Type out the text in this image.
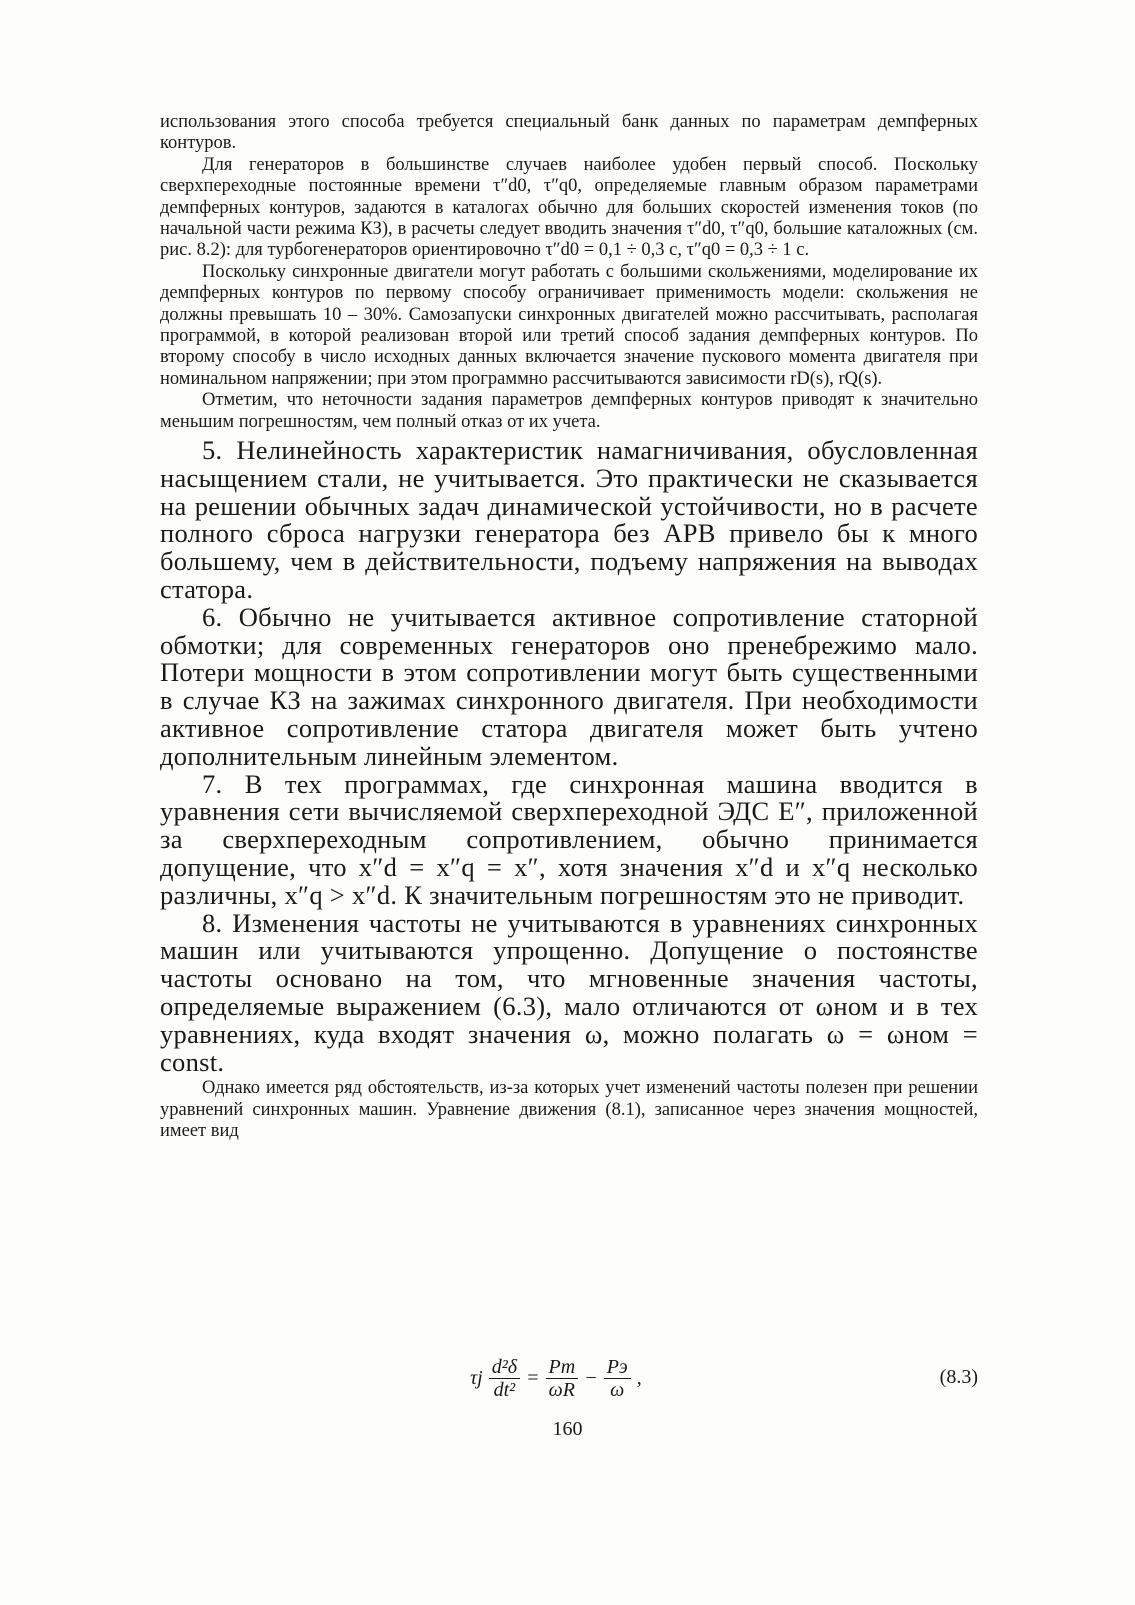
использования этого способа требуется специальный банк данных по параметрам демпферных контуров.

Для генераторов в большинстве случаев наиболее удобен первый способ. Поскольку сверхпереходные постоянные времени τ″d0, τ″q0, определяемые главным образом параметрами демпферных контуров, задаются в каталогах обычно для больших скоростей изменения токов (по начальной части режима КЗ), в расчеты следует вводить значения τ″d0, τ″q0, большие каталожных (см. рис. 8.2): для турбогенераторов ориентировочно τ″d0 = 0,1 ÷ 0,3 с, τ″q0 = 0,3 ÷ 1 с.

Поскольку синхронные двигатели могут работать с большими скольжениями, моделирование их демпферных контуров по первому способу ограничивает применимость модели: скольжения не должны превышать 10 – 30%. Самозапуски синхронных двигателей можно рассчитывать, располагая программой, в которой реализован второй или третий способ задания демпферных контуров. По второму способу в число исходных данных включается значение пускового момента двигателя при номинальном напряжении; при этом программно рассчитываются зависимости rD(s), rQ(s).

Отметим, что неточности задания параметров демпферных контуров приводят к значительно меньшим погрешностям, чем полный отказ от их учета.

5. Нелинейность характеристик намагничивания, обусловленная насыщением стали, не учитывается. Это практически не сказывается на решении обычных задач динамической устойчивости, но в расчете полного сброса нагрузки генератора без АРВ привело бы к много большему, чем в действительности, подъему напряжения на выводах статора.

6. Обычно не учитывается активное сопротивление статорной обмотки; для современных генераторов оно пренебрежимо мало. Потери мощности в этом сопротивлении могут быть существенными в случае КЗ на зажимах синхронного двигателя. При необходимости активное сопротивление статора двигателя может быть учтено дополнительным линейным элементом.

7. В тех программах, где синхронная машина вводится в уравнения сети вычисляемой сверхпереходной ЭДС E″, приложенной за сверхпереходным сопротивлением, обычно принимается допущение, что x″d = x″q = x″, хотя значения x″d и x″q несколько различны, x″q > x″d. К значительным погрешностям это не приводит.

8. Изменения частоты не учитываются в уравнениях синхронных машин или учитываются упрощенно. Допущение о постоянстве частоты основано на том, что мгновенные значения частоты, определяемые выражением (6.3), мало отличаются от ωном и в тех уравнениях, куда входят значения ω, можно полагать ω = ωном = const.

Однако имеется ряд обстоятельств, из-за которых учет изменений частоты полезен при решении уравнений синхронных машин. Уравнение движения (8.1), записанное через значения мощностей, имеет вид

τj $\frac{\text{d²δ}}{\text{dt²}} = \frac{Pт}{\omega R} - \frac{Pэ}{\omega}$ ,	(8.3)
160
